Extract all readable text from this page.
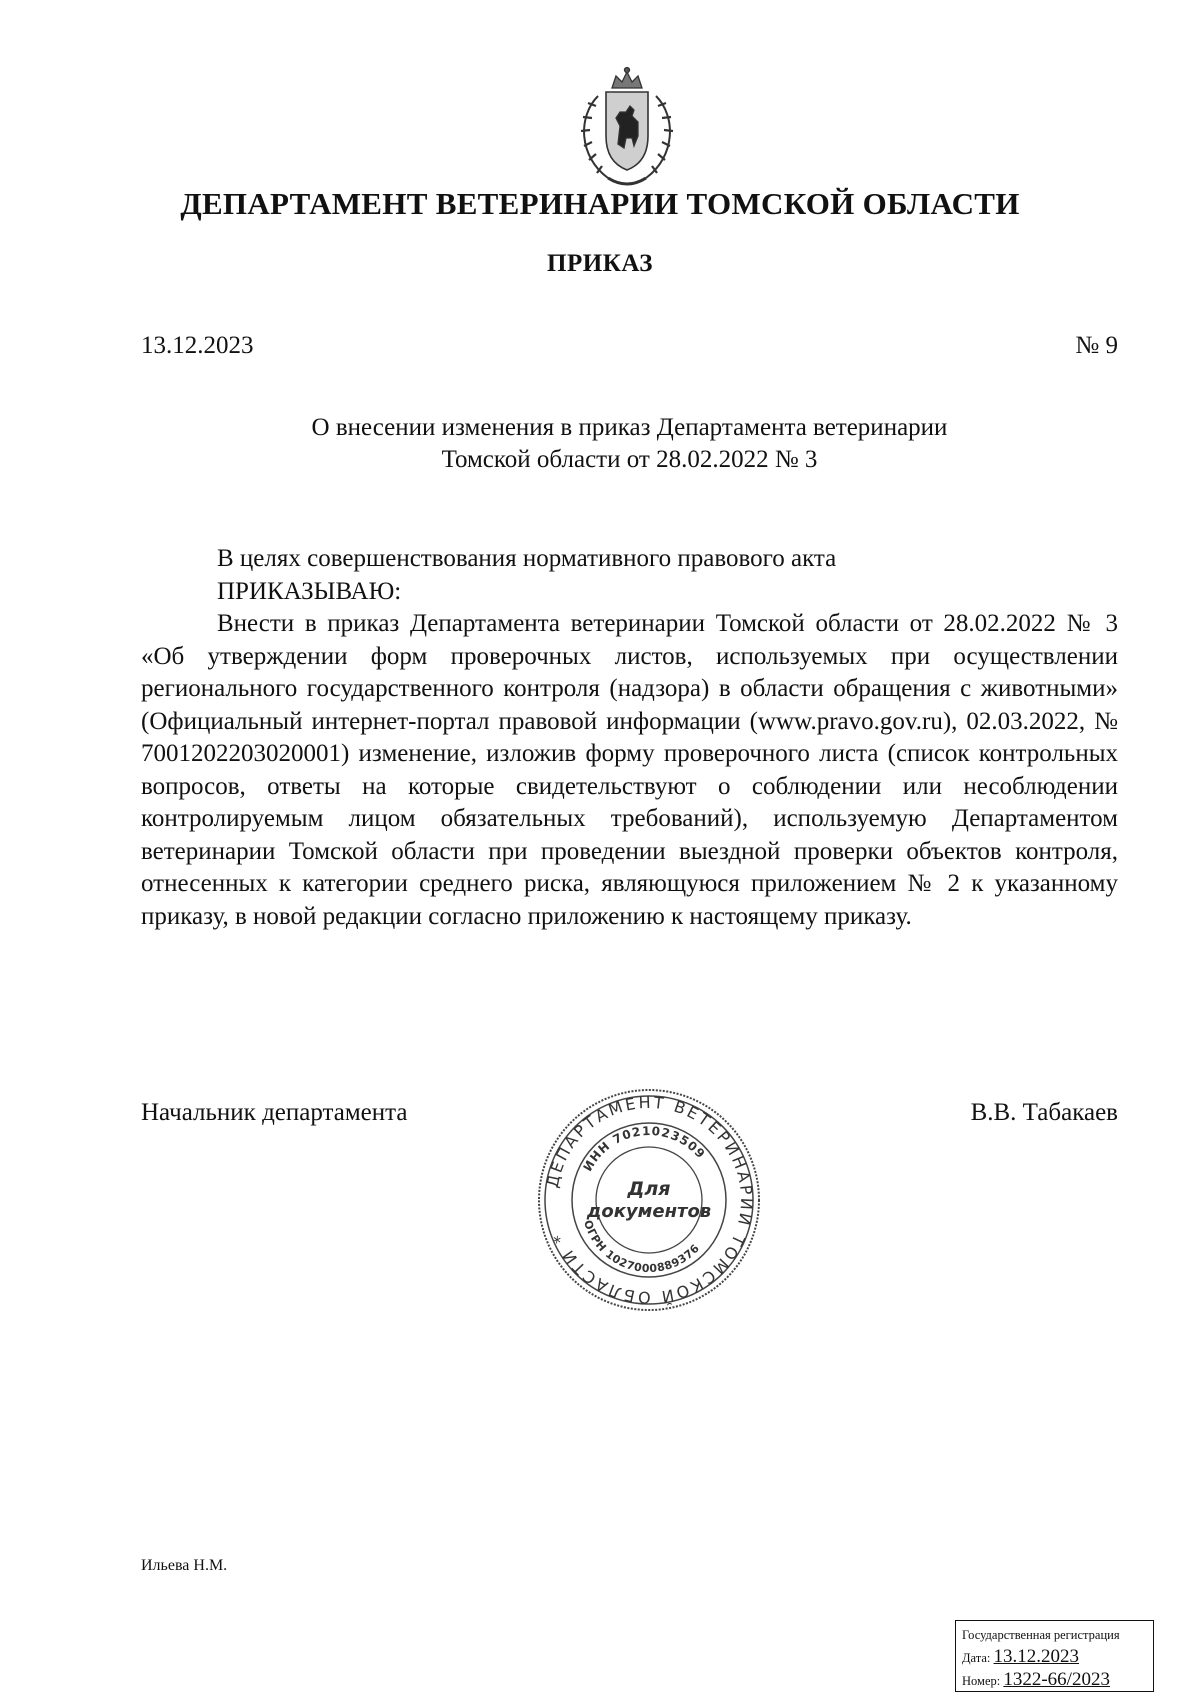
ДЕПАРТАМЕНТ ВЕТЕРИНАРИИ ТОМСКОЙ ОБЛАСТИ
ПРИКАЗ
13.12.2023	№ 9
О внесении изменения в приказ Департамента ветеринарии
Томской области от 28.02.2022 № 3

В целях совершенствования нормативного правового акта

ПРИКАЗЫВАЮ:

Внести в приказ Департамента ветеринарии Томской области от 28.02.2022 № 3 «Об утверждении форм проверочных листов, используемых при осуществлении регионального государственного контроля (надзора) в области обращения с животными» (Официальный интернет-портал правовой информации (www.pravo.gov.ru), 02.03.2022, № 7001202203020001) изменение, изложив форму проверочного листа (список контрольных вопросов, ответы на которые свидетельствуют о соблюдении или несоблюдении контролируемым лицом обязательных требований), используемую Департаментом ветеринарии Томской области при проведении выездной проверки объектов контроля, отнесенных к категории среднего риска, являющуюся приложением № 2 к указанному приказу, в новой редакции согласно приложению к настоящему приказу.

Начальник департамента	В.В. Табакаев
ДЕПАРТАМЕНТ ВЕТЕРИНАРИИ ТОМСКОЙ ОБЛАСТИ *
ИНН 7021023509
ОГРН 1027000889376
Для
документов
Ильева Н.М.
Государственная регистрация
Дата: 13.12.2023
Номер: 1322-66/2023
